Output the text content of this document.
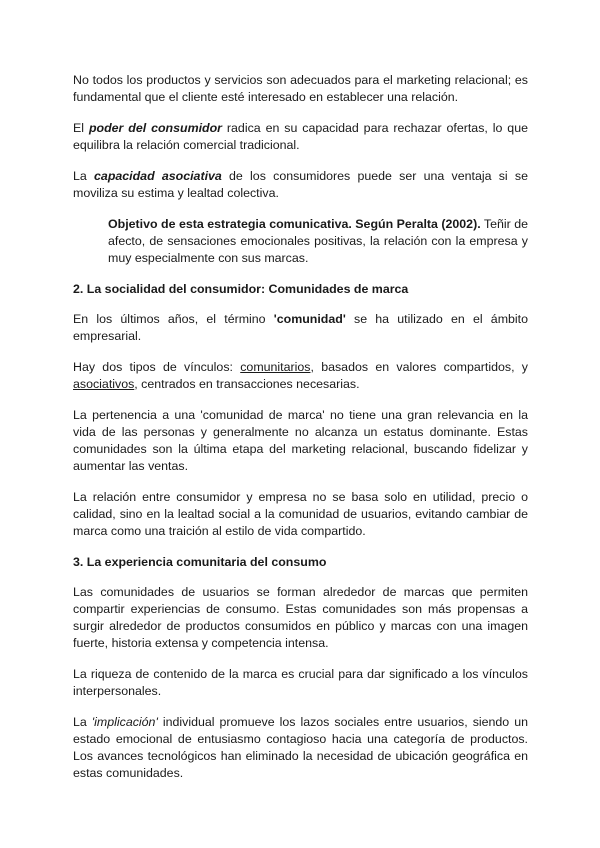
No todos los productos y servicios son adecuados para el marketing relacional; es fundamental que el cliente esté interesado en establecer una relación.

El poder del consumidor radica en su capacidad para rechazar ofertas, lo que equilibra la relación comercial tradicional.

La capacidad asociativa de los consumidores puede ser una ventaja si se moviliza su estima y lealtad colectiva.

Objetivo de esta estrategia comunicativa. Según Peralta (2002). Teñir de afecto, de sensaciones emocionales positivas, la relación con la empresa y muy especialmente con sus marcas.

2. La socialidad del consumidor: Comunidades de marca

En los últimos años, el término 'comunidad' se ha utilizado en el ámbito empresarial.

Hay dos tipos de vínculos: comunitarios, basados en valores compartidos, y asociativos, centrados en transacciones necesarias.

La pertenencia a una 'comunidad de marca' no tiene una gran relevancia en la vida de las personas y generalmente no alcanza un estatus dominante. Estas comunidades son la última etapa del marketing relacional, buscando fidelizar y aumentar las ventas.

La relación entre consumidor y empresa no se basa solo en utilidad, precio o calidad, sino en la lealtad social a la comunidad de usuarios, evitando cambiar de marca como una traición al estilo de vida compartido.

3. La experiencia comunitaria del consumo

Las comunidades de usuarios se forman alrededor de marcas que permiten compartir experiencias de consumo. Estas comunidades son más propensas a surgir alrededor de productos consumidos en público y marcas con una imagen fuerte, historia extensa y competencia intensa.

La riqueza de contenido de la marca es crucial para dar significado a los vínculos interpersonales.

La 'implicación' individual promueve los lazos sociales entre usuarios, siendo un estado emocional de entusiasmo contagioso hacia una categoría de productos. Los avances tecnológicos han eliminado la necesidad de ubicación geográfica en estas comunidades.
